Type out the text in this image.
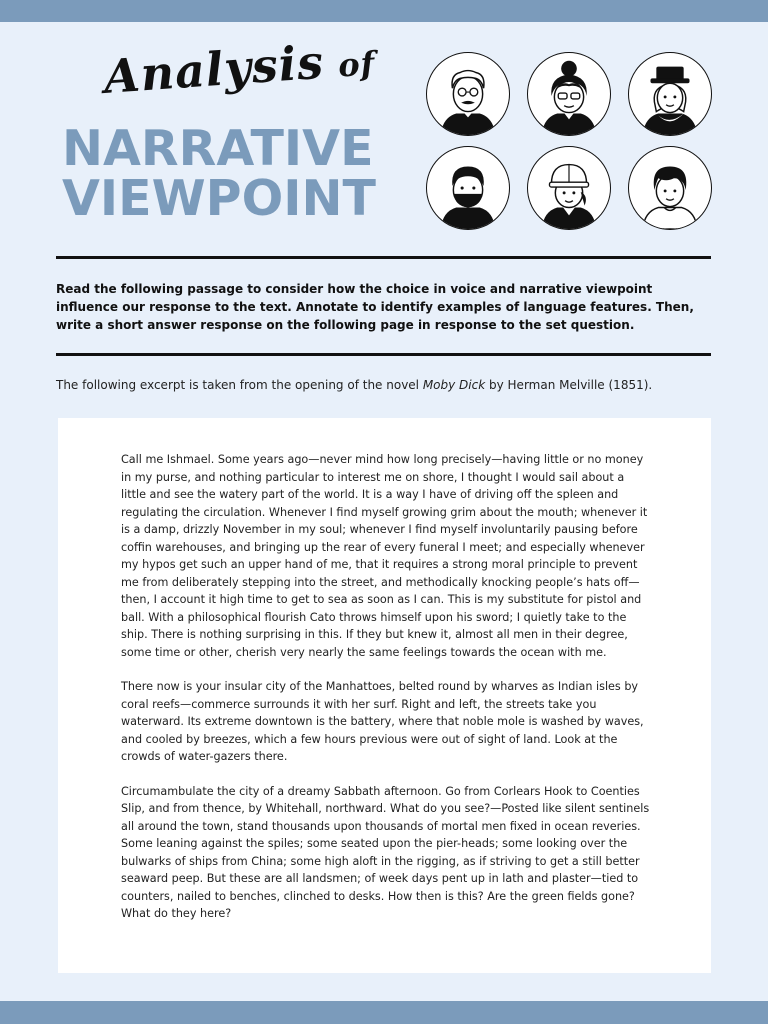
Analysis of
NARRATIVE
VIEWPOINT
Read the following passage to consider how the choice in voice and narrative viewpoint influence our response to the text. Annotate to identify examples of language features. Then, write a short answer response on the following page in response to the set question.
The following excerpt is taken from the opening of the novel Moby Dick by Herman Melville (1851).

Call me Ishmael. Some years ago—never mind how long precisely—having little or no money in my purse, and nothing particular to interest me on shore, I thought I would sail about a little and see the watery part of the world. It is a way I have of driving off the spleen and regulating the circulation. Whenever I find myself growing grim about the mouth; whenever it is a damp, drizzly November in my soul; whenever I find myself involuntarily pausing before coffin warehouses, and bringing up the rear of every funeral I meet; and especially whenever my hypos get such an upper hand of me, that it requires a strong moral principle to prevent me from deliberately stepping into the street, and methodically knocking people’s hats off—then, I account it high time to get to sea as soon as I can. This is my substitute for pistol and ball. With a philosophical flourish Cato throws himself upon his sword; I quietly take to the ship. There is nothing surprising in this. If they but knew it, almost all men in their degree, some time or other, cherish very nearly the same feelings towards the ocean with me.

There now is your insular city of the Manhattoes, belted round by wharves as Indian isles by coral reefs—commerce surrounds it with her surf. Right and left, the streets take you waterward. Its extreme downtown is the battery, where that noble mole is washed by waves, and cooled by breezes, which a few hours previous were out of sight of land. Look at the crowds of water-gazers there.

Circumambulate the city of a dreamy Sabbath afternoon. Go from Corlears Hook to Coenties Slip, and from thence, by Whitehall, northward. What do you see?—Posted like silent sentinels all around the town, stand thousands upon thousands of mortal men fixed in ocean reveries. Some leaning against the spiles; some seated upon the pier-heads; some looking over the bulwarks of ships from China; some high aloft in the rigging, as if striving to get a still better seaward peep. But these are all landsmen; of week days pent up in lath and plaster—tied to counters, nailed to benches, clinched to desks. How then is this? Are the green fields gone? What do they here?
